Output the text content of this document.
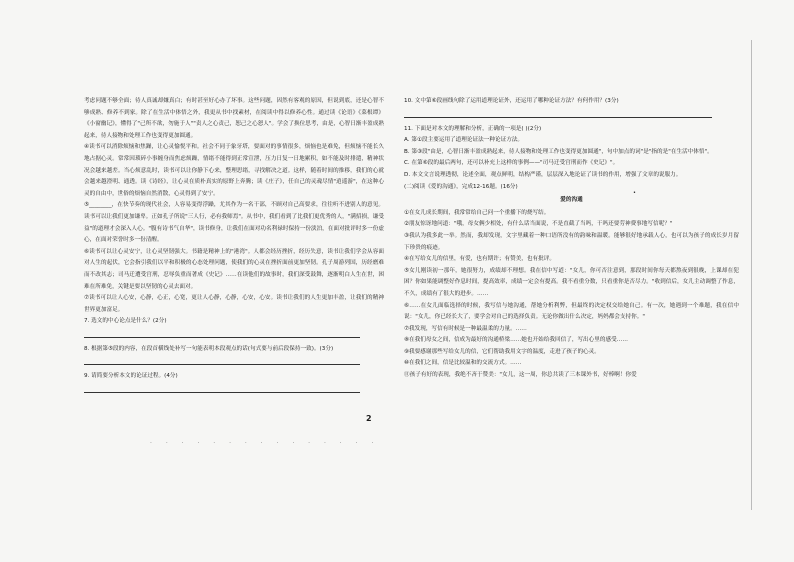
考虑问题不够全面；待人真诚却嫌真白；有时甚至好心办了坏事。这些问题，因然有客观的原因，但说到底，还是心智不够成熟、修养不到家。除了在生活中体悟之外，我更从书中找素材，在阅读中得以修养心性。通过读《论语》《菜根谭》《小窗幽记》，懂得了"己所不欲，勿施于人""责人之心责己，恕己之心恕人"。学会了换位思考，由是，心智日渐丰盈成熟起来，待人接物和处理工作也变得更加圆通。

④读书可以消除烦恼和焦躁，让心灵愉悦平和。社会不同于象牙塔，要面对的事情很多，烦恼也是难免，但烦恼不能长久地占据心灵。常常因琐碎小事缠身而焦虑烦躁，情绪不能得到正常宣泄，压力日复一日地累积，如不能及时排遣，精神状况会越来越差。当心烦意乱时，读书可以让你静下心来，整理思绪，寻找解决之道。这样，随着时间的推移，我们的心就会越来越澄明、通透。读《诗经》，让心灵在质朴真实的原野上奔腾；读《庄子》，任自己的灵魂尽情"逍遥游"，在这种心灵的自由中，世俗的烦恼自然消散，心灵得到了安宁。

⑤________，在快节奏的现代社会，人容易变得浮躁，尤其作为一名干部，不顾对自己高要求，往往听不进别人的意见。读书可以让我们更加谦卑。正如孔子所说"三人行，必有我师焉"。从书中，我们看到了比我们更优秀的人，"满招损，谦受益"的道理才会深入人心。"腹有诗书气自华"，读书修身，让我们在面对功名利禄时保持一份淡泊，在面对批评时多一份虚心，在面对荣誉时多一份清醒。

⑥读书可以让心灵安宁，让心灵坚韧强大。书籍是精神上的"港湾"。人都会经历挫折，经历失意，读书让我们学会从容面对人生的起伏，它会指引我们以平和积极的心态处理问题，使我们的心灵在挫折面前更加坚韧。孔子周游列国，历经磨难而不改其志；司马迁遭受宫刑，忍辱负重而著成《史记》……在读他们的故事时，我们深受鼓舞，逐渐明白人生在世，困难在所难免，关键是要以坚韧的心灵去面对。

⑦读书可以让人心安，心静，心正，心宽，更让人心静，心静，心安，心安。读书让我们的人生更加丰盈，让我们的精神世界更加富足。

7. 选文的中心论点是什么？(2分)

8. 根据第⑤段的内容，在段首横线处补写一句能表明本段观点的话(句式要与前后段保持一致)。(3分)

9. 请简要分析本文的论证过程。(4分)

10. 文中第⑥段画线句除了运用道理论证外，还运用了哪种论证方法？有何作用？(3分)

11. 下面是对本文的理解和分析，正确的一项是( )(2分)

A. 第①段主要运用了道理论证法一种论证方法。

B. 第③段"由是，心智日渐丰盈成熟起来，待人接物和处理工作也变得更加圆通"，句中加点的词"是"指的是"在生活中体悟"。

C. 在第⑥段的最后两句，还可以补充上这样的事例——"司马迁受宫刑而作《史记》"。

D. 本文文言说理透彻，论述全面，观点鲜明，结构严谨，层层深入地论证了读书的作用，增强了文章的说服力。

(二)阅读《爱的沟通》，完成12-16题。(16分)

爱的沟通

①在女儿成长期间，我常常给自己问一个重播下的烧写结。

②朋友惊讶地问道："哦，母女俩少相处，有什么话当面说，不是直截了当吗，干吗还要劳神费事地写信呢？"

③我认为我多此一举。然而，我却发现，文字里藏着一种口语所没有的韵味和温暖。能够很好地承载人心，也可以为孩子的成长岁月留下珍贵的痕迹。

④在写给女儿的信里，有爱，也有期许；有赞美，也有批评。

⑤女儿刚读初一那年，她很努力，成绩却不理想。我在信中写道："女儿，你可否注意到，那段时间你每天都熬夜到很晚，上课却在犯困？你如果能调整好作息时间，提高效率，成绩一定会有提高。我不看重分数，只看重你是否尽力。"收到信后，女儿主动调整了作息，不久，成绩有了很大的进步。……

⑥……在女儿面临选择的时候，我写信与她沟通，帮她分析利弊，但最终的决定权交给她自己。有一次，她遇到一个难题，我在信中说："女儿，你已经长大了，要学会对自己的选择负责。无论你做出什么决定，妈妈都会支持你。"

⑦我发现，写信有时候是一种最温柔的力量。……

⑧在我们母女之间，信成为最好的沟通桥梁……她也开始给我回信了，写出心里的感受……

⑨我要感谢那些写给女儿的信，它们帮助我用文字的温度，走进了孩子的心灵。

⑩在我们之间，信是比较温和的交流方式。……

⑪孩子有好的表现，我绝不吝于赞美："女儿，这一周，你总共读了三本课外书，好棒啊！你爱

2
•
· · · · · · · · · · · · · · ·
